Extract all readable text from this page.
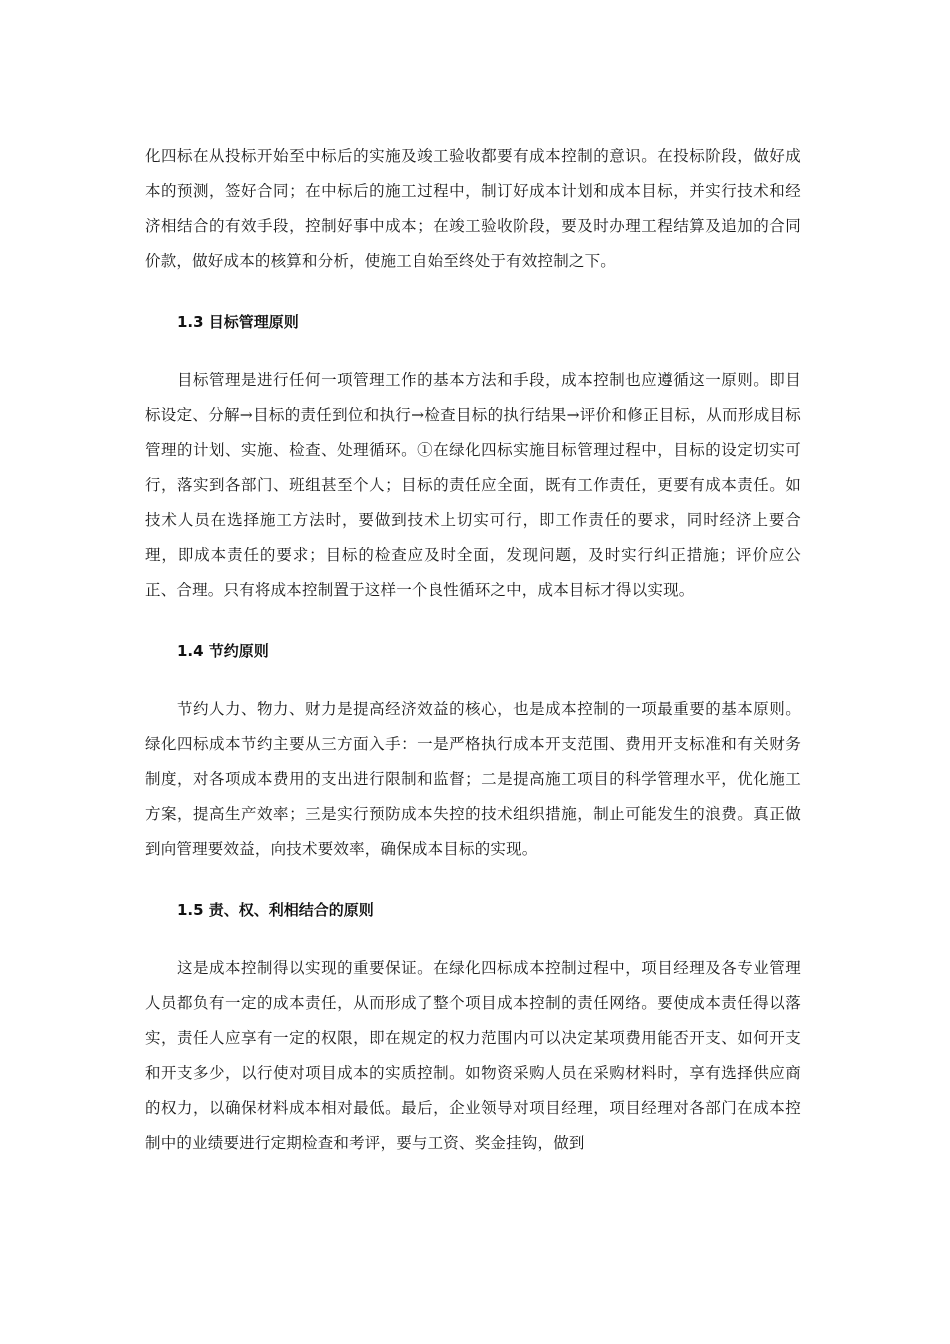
化四标在从投标开始至中标后的实施及竣工验收都要有成本控制的意识。在投标阶段，做好成本的预测，签好合同；在中标后的施工过程中，制订好成本计划和成本目标，并实行技术和经济相结合的有效手段，控制好事中成本；在竣工验收阶段，要及时办理工程结算及追加的合同价款，做好成本的核算和分析，使施工自始至终处于有效控制之下。

1.3 目标管理原则

目标管理是进行任何一项管理工作的基本方法和手段，成本控制也应遵循这一原则。即目标设定、分解→目标的责任到位和执行→检查目标的执行结果→评价和修正目标，从而形成目标管理的计划、实施、检查、处理循环。①在绿化四标实施目标管理过程中，目标的设定切实可行，落实到各部门、班组甚至个人；目标的责任应全面，既有工作责任，更要有成本责任。如技术人员在选择施工方法时，要做到技术上切实可行，即工作责任的要求，同时经济上要合理，即成本责任的要求；目标的检查应及时全面，发现问题，及时实行纠正措施；评价应公正、合理。只有将成本控制置于这样一个良性循环之中，成本目标才得以实现。

1.4 节约原则

节约人力、物力、财力是提高经济效益的核心，也是成本控制的一项最重要的基本原则。绿化四标成本节约主要从三方面入手：一是严格执行成本开支范围、费用开支标准和有关财务制度，对各项成本费用的支出进行限制和监督；二是提高施工项目的科学管理水平，优化施工方案，提高生产效率；三是实行预防成本失控的技术组织措施，制止可能发生的浪费。真正做到向管理要效益，向技术要效率，确保成本目标的实现。

1.5 责、权、利相结合的原则

这是成本控制得以实现的重要保证。在绿化四标成本控制过程中，项目经理及各专业管理人员都负有一定的成本责任，从而形成了整个项目成本控制的责任网络。要使成本责任得以落实，责任人应享有一定的权限，即在规定的权力范围内可以决定某项费用能否开支、如何开支和开支多少，以行使对项目成本的实质控制。如物资采购人员在采购材料时，享有选择供应商的权力，以确保材料成本相对最低。最后，企业领导对项目经理，项目经理对各部门在成本控制中的业绩要进行定期检查和考评，要与工资、奖金挂钩，做到
